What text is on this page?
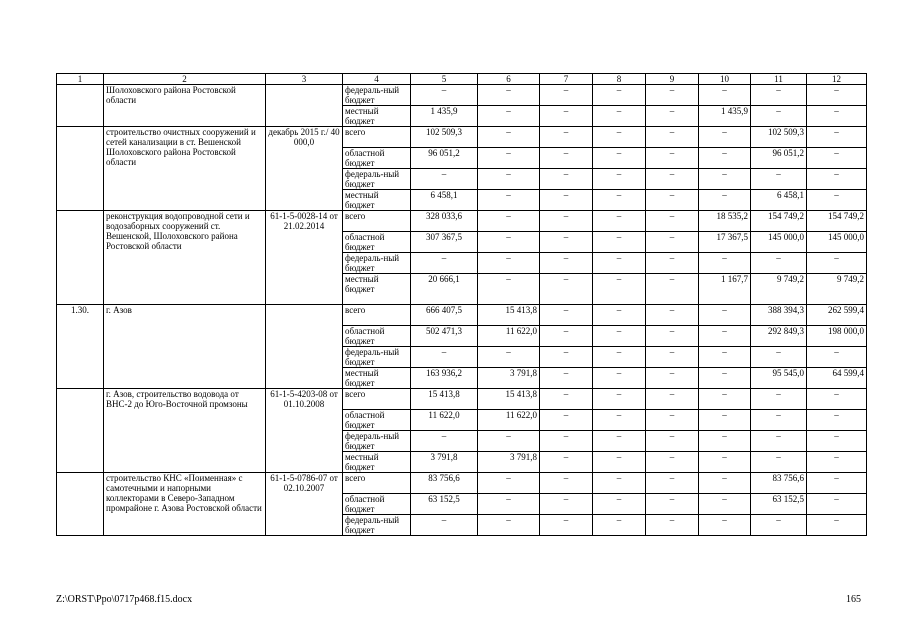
1	2	3	4	5	6	7	8	9	10	11	12
	Шолоховского района Ростовской области		федераль-ный бюджет	–	–	–	–	–	–	–	–
			местный бюджет	1 435,9	–	–	–	–	1 435,9	–	–
	строительство очистных сооружений и сетей канализации в ст. Вешенской Шолоховского района Ростовской области	декабрь 2015 г./ 40 000,0	всего	102 509,3	–	–	–	–	–	102 509,3	–
			областной бюджет	96 051,2	–	–	–	–	–	96 051,2	–
			федераль-ный бюджет	–	–	–	–	–	–	–	–
			местный бюджет	6 458,1	–	–	–	–	–	6 458,1	–
	реконструкция водопроводной сети и водозаборных сооружений ст. Вешенской, Шолоховского района Ростовской области	61-1-5-0028-14 от 21.02.2014	всего	328 033,6	–	–	–	–	18 535,2	154 749,2	154 749,2
			областной бюджет	307 367,5	–	–	–	–	17 367,5	145 000,0	145 000,0
			федераль-ный бюджет	–	–	–	–	–	–	–	–
			местный бюджет	20 666,1	–	–	–	–	1 167,7	9 749,2	9 749,2
1.30.	г. Азов		всего	666 407,5	15 413,8	–	–	–	–	388 394,3	262 599,4
			областной бюджет	502 471,3	11 622,0	–	–	–	–	292 849,3	198 000,0
			федераль-ный бюджет	–	–	–	–	–	–	–	–
			местный бюджет	163 936,2	3 791,8	–	–	–	–	95 545,0	64 599,4
	г. Азов, строительство водовода от ВНС-2 до Юго-Восточной промзоны	61-1-5-4203-08 от 01.10.2008	всего	15 413,8	15 413,8	–	–	–	–	–	–
			областной бюджет	11 622,0	11 622,0	–	–	–	–	–	–
			федераль-ный бюджет	–	–	–	–	–	–	–	–
			местный бюджет	3 791,8	3 791,8	–	–	–	–	–	–
	строительство КНС «Поименная» с самотечными и напорными коллекторами в Северо-Западном промрайоне г. Азова Ростовской области	61-1-5-0786-07 от 02.10.2007	всего	83 756,6	–	–	–	–	–	83 756,6	–
			областной бюджет	63 152,5	–	–	–	–	–	63 152,5	–
			федераль-ный бюджет	–	–	–	–	–	–	–	–
Z:\ORST\Ppo\0717p468.f15.docx	165
